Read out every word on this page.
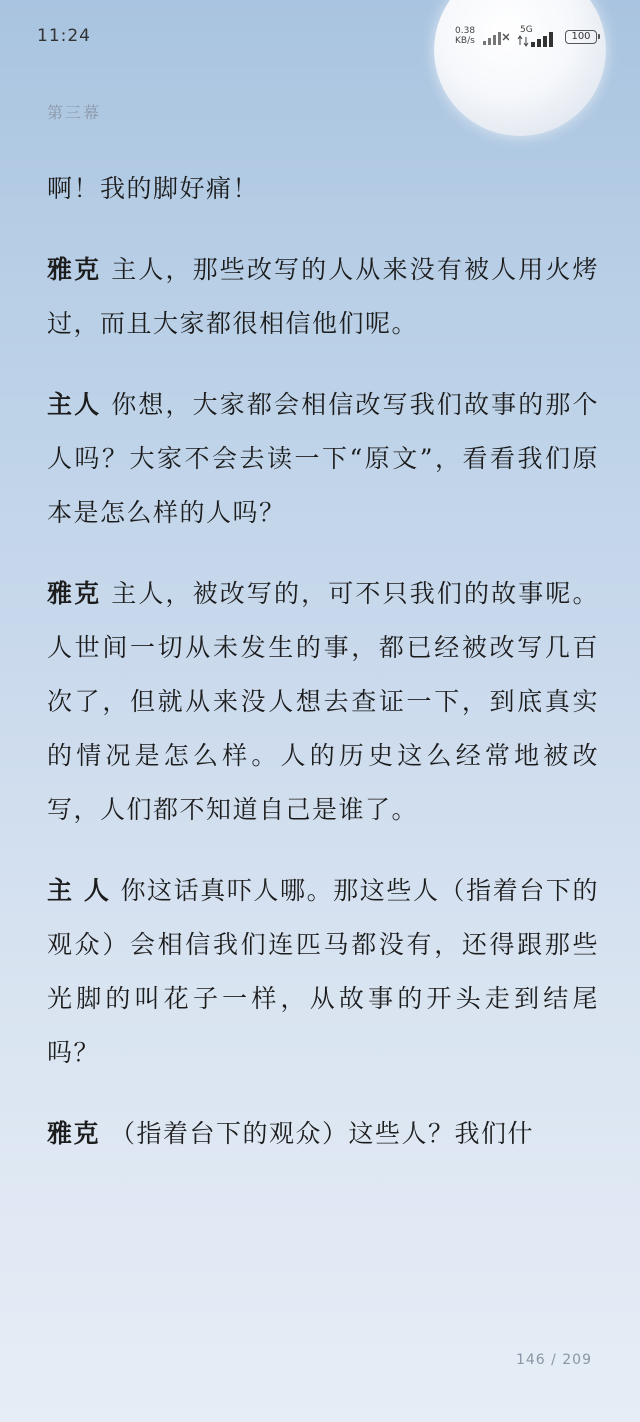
11:24	0.38
KB/s
5G
100
第三幕

啊！我的脚好痛！

雅克 主人，那些改写的人从来没有被人用火烤过，而且大家都很相信他们呢。

主人 你想，大家都会相信改写我们故事的那个人吗？大家不会去读一下“原文”，看看我们原本是怎么样的人吗？

雅克 主人，被改写的，可不只我们的故事呢。人世间一切从未发生的事，都已经被改写几百次了，但就从来没人想去查证一下，到底真实的情况是怎么样。人的历史这么经常地被改写，人们都不知道自己是谁了。

主 人 你这话真吓人哪。那这些人（指着台下的观众）会相信我们连匹马都没有，还得跟那些光脚的叫花子一样，从故事的开头走到结尾吗？

雅克 （指着台下的观众）这些人？我们什

146 / 209
